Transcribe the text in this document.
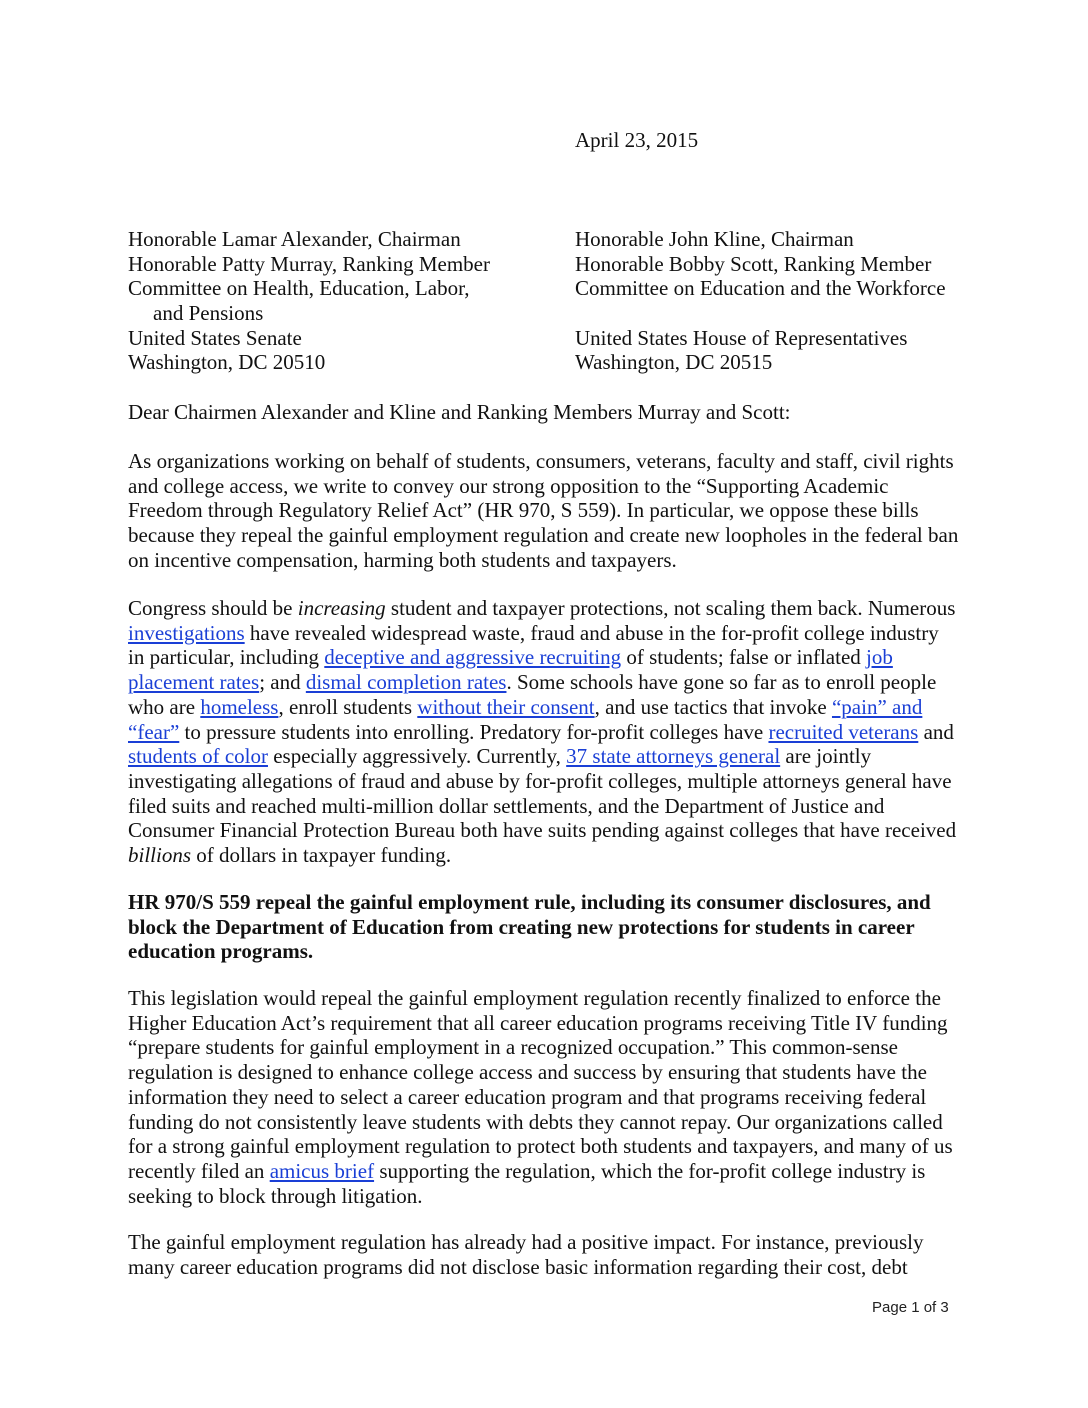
April 23, 2015
Honorable Lamar Alexander, Chairman
Honorable Patty Murray, Ranking Member
Committee on Health, Education, Labor,
and Pensions
United States Senate
Washington, DC 20510
Honorable John Kline, Chairman
Honorable Bobby Scott, Ranking Member
Committee on Education and the Workforce
United States House of Representatives
Washington, DC 20515
Dear Chairmen Alexander and Kline and Ranking Members Murray and Scott:

As organizations working on behalf of students, consumers, veterans, faculty and staff, civil rights and college access, we write to convey our strong opposition to the “Supporting Academic Freedom through Regulatory Relief Act” (HR 970, S 559). In particular, we oppose these bills because they repeal the gainful employment regulation and create new loopholes in the federal ban on incentive compensation, harming both students and taxpayers.

Congress should be increasing student and taxpayer protections, not scaling them back. Numerous investigations have revealed widespread waste, fraud and abuse in the for-profit college industry in particular, including deceptive and aggressive recruiting of students; false or inflated job placement rates; and dismal completion rates. Some schools have gone so far as to enroll people who are homeless, enroll students without their consent, and use tactics that invoke “pain” and “fear” to pressure students into enrolling. Predatory for-profit colleges have recruited veterans and students of color especially aggressively. Currently, 37 state attorneys general are jointly investigating allegations of fraud and abuse by for-profit colleges, multiple attorneys general have filed suits and reached multi-million dollar settlements, and the Department of Justice and Consumer Financial Protection Bureau both have suits pending against colleges that have received billions of dollars in taxpayer funding.

HR 970/S 559 repeal the gainful employment rule, including its consumer disclosures, and block the Department of Education from creating new protections for students in career education programs.

This legislation would repeal the gainful employment regulation recently finalized to enforce the Higher Education Act’s requirement that all career education programs receiving Title IV funding “prepare students for gainful employment in a recognized occupation.” This common-sense regulation is designed to enhance college access and success by ensuring that students have the information they need to select a career education program and that programs receiving federal funding do not consistently leave students with debts they cannot repay. Our organizations called for a strong gainful employment regulation to protect both students and taxpayers, and many of us recently filed an amicus brief supporting the regulation, which the for-profit college industry is seeking to block through litigation.

The gainful employment regulation has already had a positive impact. For instance, previously many career education programs did not disclose basic information regarding their cost, debt

Page 1 of 3
